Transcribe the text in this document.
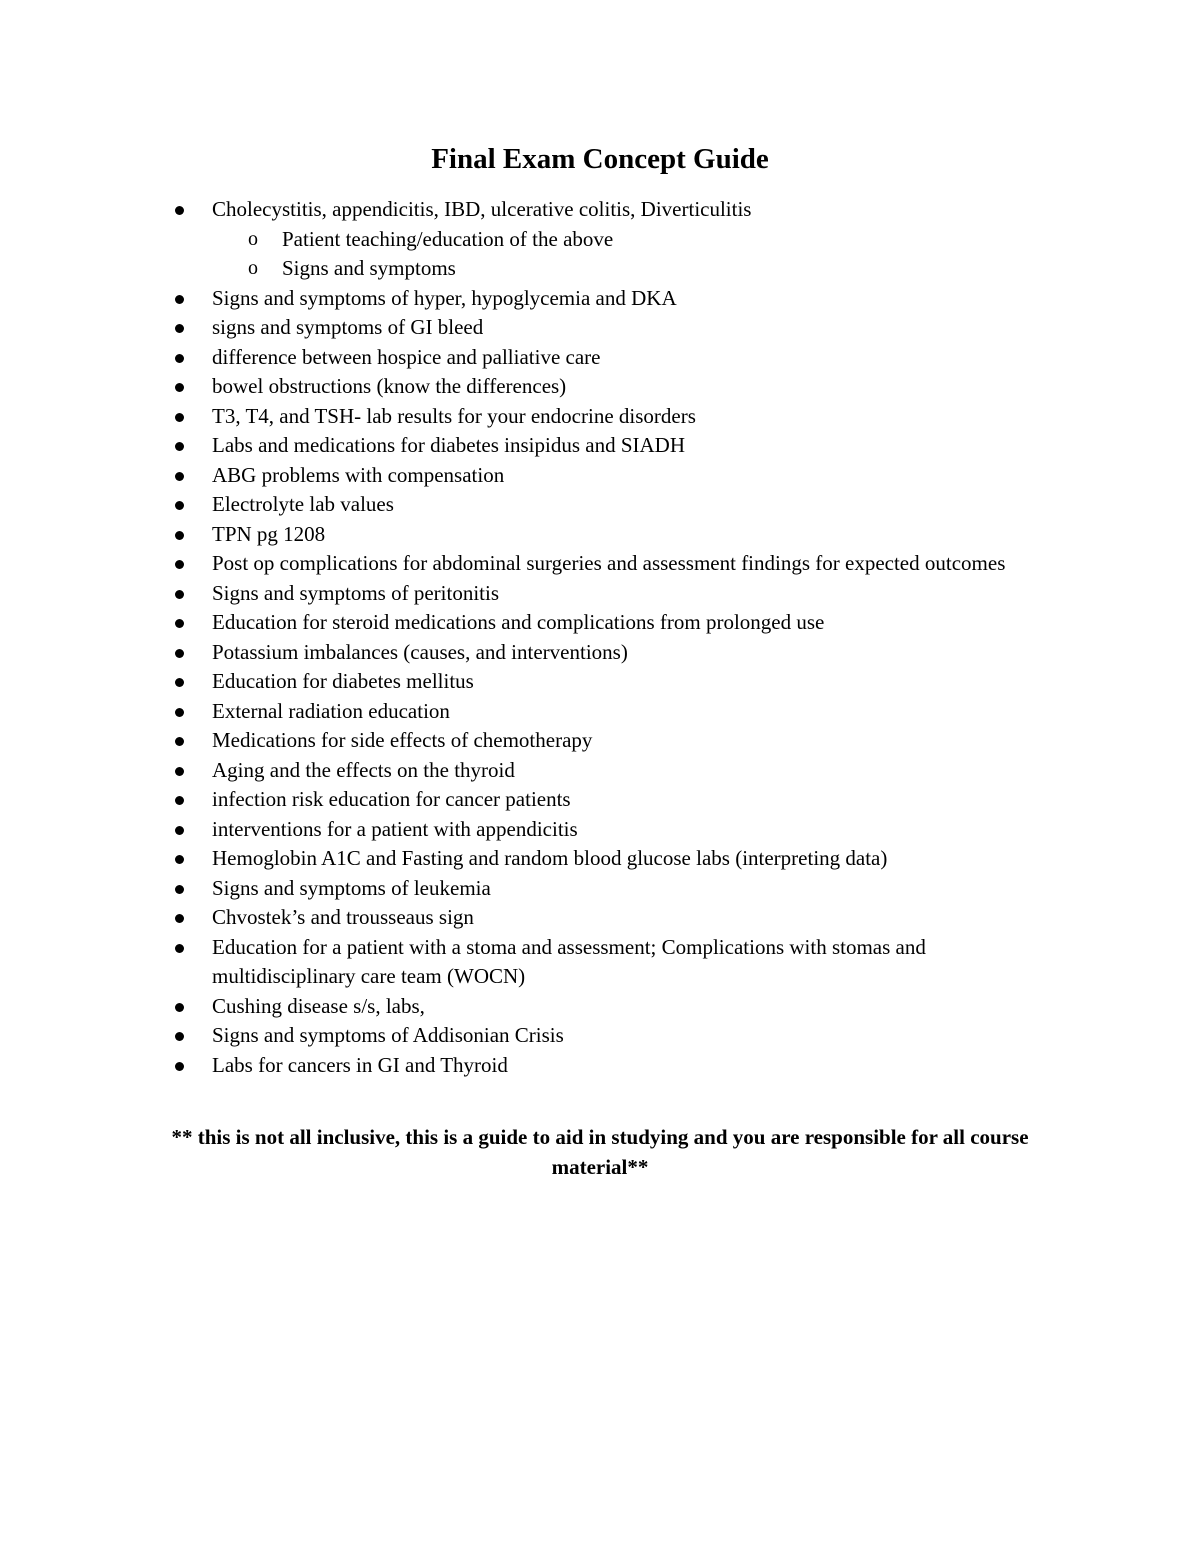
Final Exam Concept Guide
Cholecystitis, appendicitis, IBD, ulcerative colitis, Diverticulitis
o Patient teaching/education of the above
o Signs and symptoms
Signs and symptoms of hyper, hypoglycemia and DKA
signs and symptoms of GI bleed
difference between hospice and palliative care
bowel obstructions (know the differences)
T3, T4, and TSH- lab results for your endocrine disorders
Labs and medications for diabetes insipidus and SIADH
ABG problems with compensation
Electrolyte lab values
TPN pg 1208
Post op complications for abdominal surgeries and assessment findings for expected outcomes
Signs and symptoms of peritonitis
Education for steroid medications and complications from prolonged use
Potassium imbalances (causes, and interventions)
Education for diabetes mellitus
External radiation education
Medications for side effects of chemotherapy
Aging and the effects on the thyroid
infection risk education for cancer patients
interventions for a patient with appendicitis
Hemoglobin A1C and Fasting and random blood glucose labs (interpreting data)
Signs and symptoms of leukemia
Chvostek’s and trousseaus sign
Education for a patient with a stoma and assessment; Complications with stomas and multidisciplinary care team (WOCN)
Cushing disease s/s, labs,
Signs and symptoms of Addisonian Crisis
Labs for cancers in GI and Thyroid

** this is not all inclusive, this is a guide to aid in studying and you are responsible for all course material**
